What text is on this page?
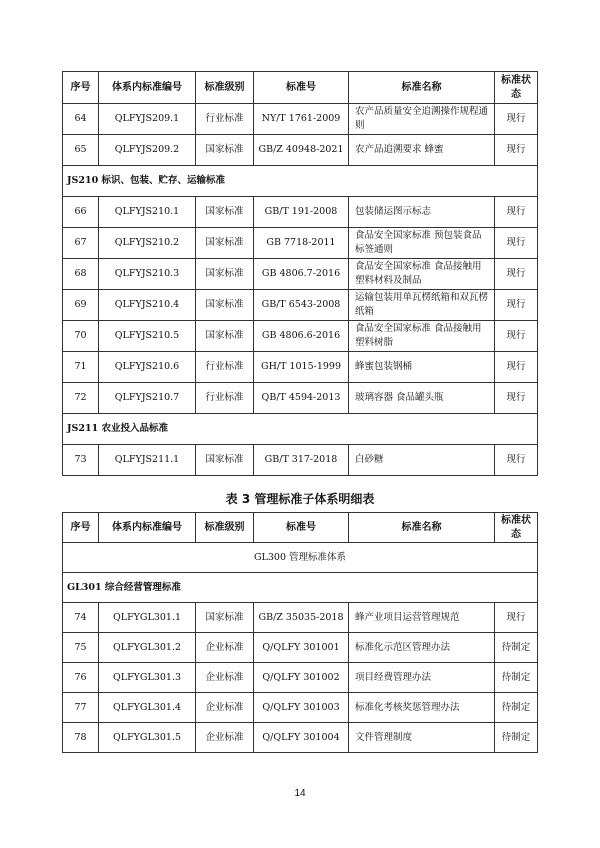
序号	体系内标准编号	标准级别	标准号	标准名称	标准状态
64	QLFYJS209.1	行业标准	NY/T 1761-2009	农产品质量安全追溯操作规程通则	现行
65	QLFYJS209.2	国家标准	GB/Z 40948-2021	农产品追溯要求 蜂蜜	现行
JS210 标识、包装、贮存、运输标准					
66	QLFYJS210.1	国家标准	GB/T 191-2008	包装储运图示标志	现行
67	QLFYJS210.2	国家标准	GB 7718-2011	食品安全国家标准 预包装食品标签通则	现行
68	QLFYJS210.3	国家标准	GB 4806.7-2016	食品安全国家标准 食品接触用塑料材料及制品	现行
69	QLFYJS210.4	国家标准	GB/T 6543-2008	运输包装用单瓦楞纸箱和双瓦楞纸箱	现行
70	QLFYJS210.5	国家标准	GB 4806.6-2016	食品安全国家标准 食品接触用塑料树脂	现行
71	QLFYJS210.6	行业标准	GH/T 1015-1999	蜂蜜包装钢桶	现行
72	QLFYJS210.7	行业标准	QB/T 4594-2013	玻璃容器 食品罐头瓶	现行
JS211 农业投入品标准					
73	QLFYJS211.1	国家标准	GB/T 317-2018	白砂糖	现行
表 3 管理标准子体系明细表
序号	体系内标准编号	标准级别	标准号	标准名称	标准状态
GL300 管理标准体系					
GL301 综合经营管理标准					
74	QLFYGL301.1	国家标准	GB/Z 35035-2018	蜂产业项目运营管理规范	现行
75	QLFYGL301.2	企业标准	Q/QLFY 301001	标准化示范区管理办法	待制定
76	QLFYGL301.3	企业标准	Q/QLFY 301002	项目经费管理办法	待制定
77	QLFYGL301.4	企业标准	Q/QLFY 301003	标准化考核奖惩管理办法	待制定
78	QLFYGL301.5	企业标准	Q/QLFY 301004	文件管理制度	待制定
14
